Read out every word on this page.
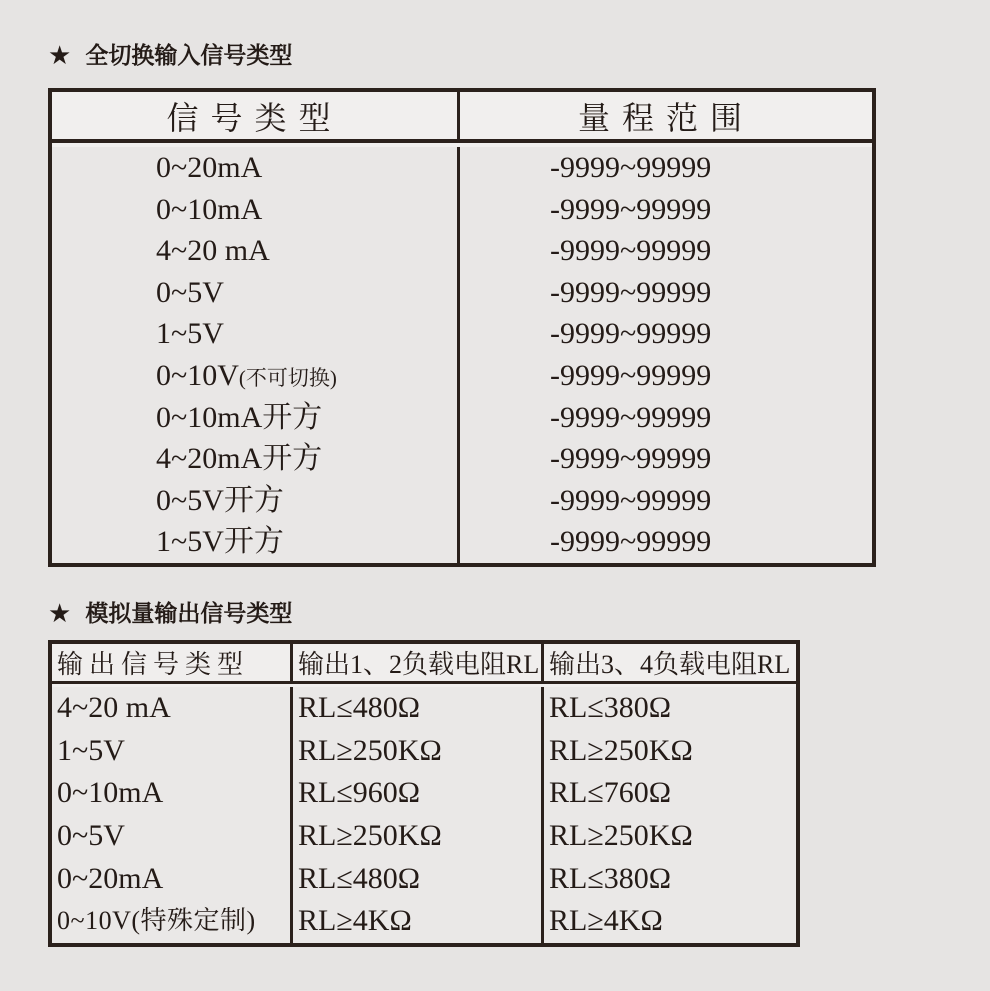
★ 全切换输入信号类型
信号类型	量程范围
0~20mA
0~10mA
4~20 mA
0~5V
1~5V
0~10V(不可切换)
0~10mA开方
4~20mA开方
0~5V开方
1~5V开方
-9999~99999
-9999~99999
-9999~99999
-9999~99999
-9999~99999
-9999~99999
-9999~99999
-9999~99999
-9999~99999
-9999~99999
★ 模拟量输出信号类型
输出信号类型	输出1、2负载电阻RL 输出3、4负载电阻RL
4~20 mA
1~5V
0~10mA
0~5V
0~20mA
0~10V(特殊定制)
RL≤480Ω
RL≥250KΩ
RL≤960Ω
RL≥250KΩ
RL≤480Ω
RL≥4KΩ
RL≤380Ω
RL≥250KΩ
RL≤760Ω
RL≥250KΩ
RL≤380Ω
RL≥4KΩ
